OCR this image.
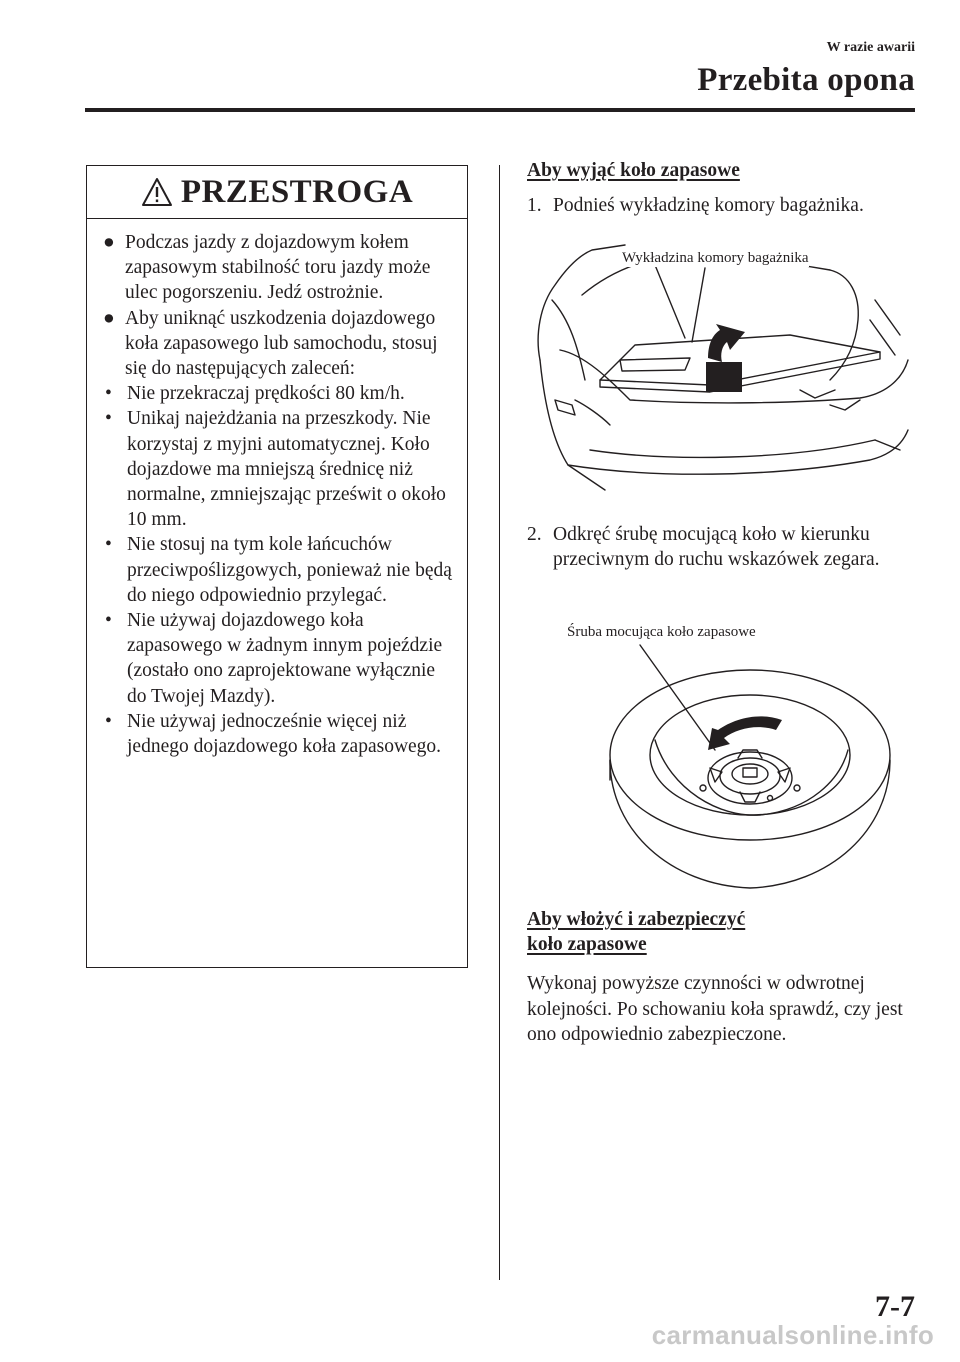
W razie awarii
Przebita opona
PRZESTROGA
● Podczas jazdy z dojazdowym kołem zapasowym stabilność toru jazdy może ulec pogorszeniu. Jedź ostrożnie.
● Aby uniknąć uszkodzenia dojazdowego koła zapasowego lub samochodu, stosuj się do następujących zaleceń:
• Nie przekraczaj prędkości 80 km/h.
• Unikaj najeżdżania na przeszkody. Nie korzystaj z myjni automatycznej. Koło dojazdowe ma mniejszą średnicę niż normalne, zmniejszając prześwit o około 10 mm.
• Nie stosuj na tym kole łańcuchów przeciwpoślizgowych, ponieważ nie będą do niego odpowiednio przylegać.
• Nie używaj dojazdowego koła zapasowego w żadnym innym pojeździe (zostało ono zaprojektowane wyłącznie do Twojej Mazdy).
• Nie używaj jednocześnie więcej niż jednego dojazdowego koła zapasowego.
Aby wyjąć koło zapasowe
1. Podnieś wykładzinę komory bagażnika.
Wykładzina komory bagażnika
2. Odkręć śrubę mocującą koło w kierunku przeciwnym do ruchu wskazówek zegara.
Śruba mocująca koło zapasowe
Aby włożyć i zabezpieczyć
koło zapasowe
Wykonaj powyższe czynności w odwrotnej kolejności. Po schowaniu koła sprawdź, czy jest ono odpowiednio zabezpieczone.
7-7
carmanualsonline.info
